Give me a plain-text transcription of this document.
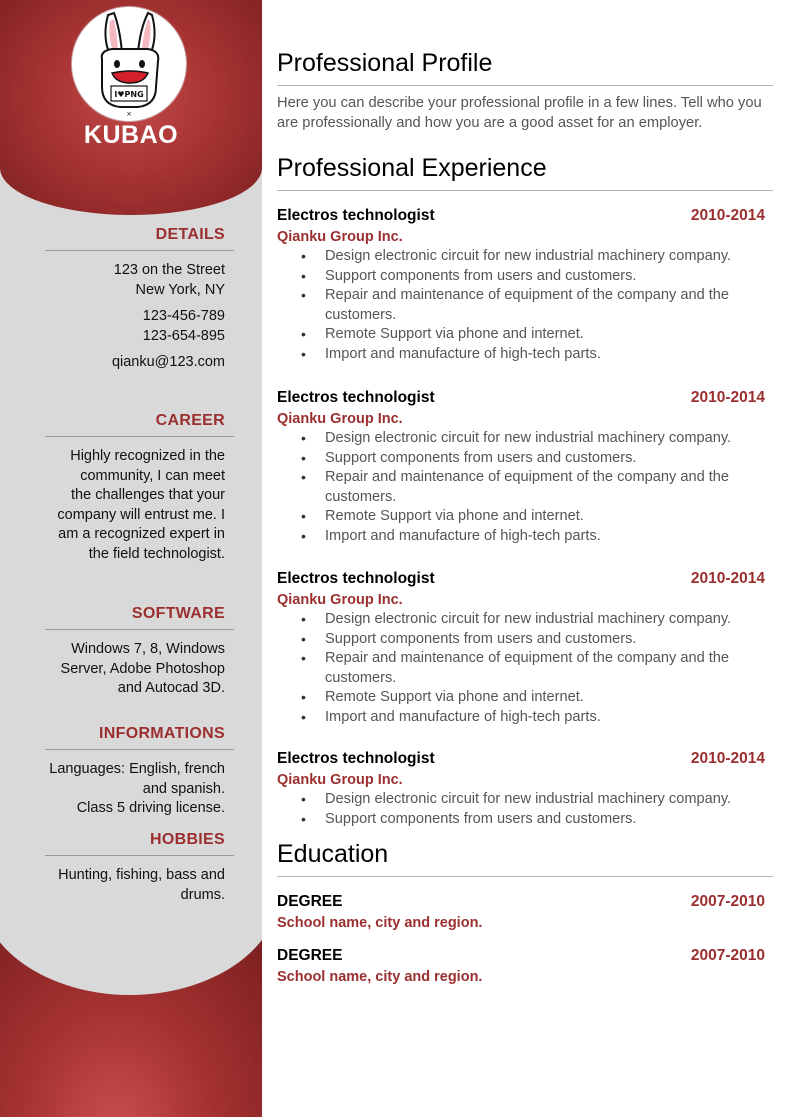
I♥PNG
×
KUBAO
DETAILS
123 on the Street
New York, NY
123-456-789
123-654-895
qianku@123.com
CAREER
Highly recognized in the
community, I can meet
the challenges that your
company will entrust me. I
am a recognized expert in
the field technologist.
SOFTWARE
Windows 7, 8, Windows
Server, Adobe Photoshop
and Autocad 3D.
INFORMATIONS
Languages: English, french
and spanish.
Class 5 driving license.
HOBBIES
Hunting, fishing, bass and
drums.
Professional Profile
Here you can describe your professional profile in a few lines. Tell who you are professionally and how you are a good asset for an employer.
Professional Experience
Electros technologist	2010-2014
Qianku Group Inc.
• Design electronic circuit for new industrial machinery company.
• Support components from users and customers.
• Repair and maintenance of equipment of the company and the customers.
• Remote Support via phone and internet.
• Import and manufacture of high-tech parts.
Electros technologist	2010-2014
Qianku Group Inc.
• Design electronic circuit for new industrial machinery company.
• Support components from users and customers.
• Repair and maintenance of equipment of the company and the customers.
• Remote Support via phone and internet.
• Import and manufacture of high-tech parts.
Electros technologist	2010-2014
Qianku Group Inc.
• Design electronic circuit for new industrial machinery company.
• Support components from users and customers.
• Repair and maintenance of equipment of the company and the customers.
• Remote Support via phone and internet.
• Import and manufacture of high-tech parts.
Electros technologist	2010-2014
Qianku Group Inc.
• Design electronic circuit for new industrial machinery company.
• Support components from users and customers.
Education
DEGREE	2007-2010
School name, city and region.
DEGREE	2007-2010
School name, city and region.
